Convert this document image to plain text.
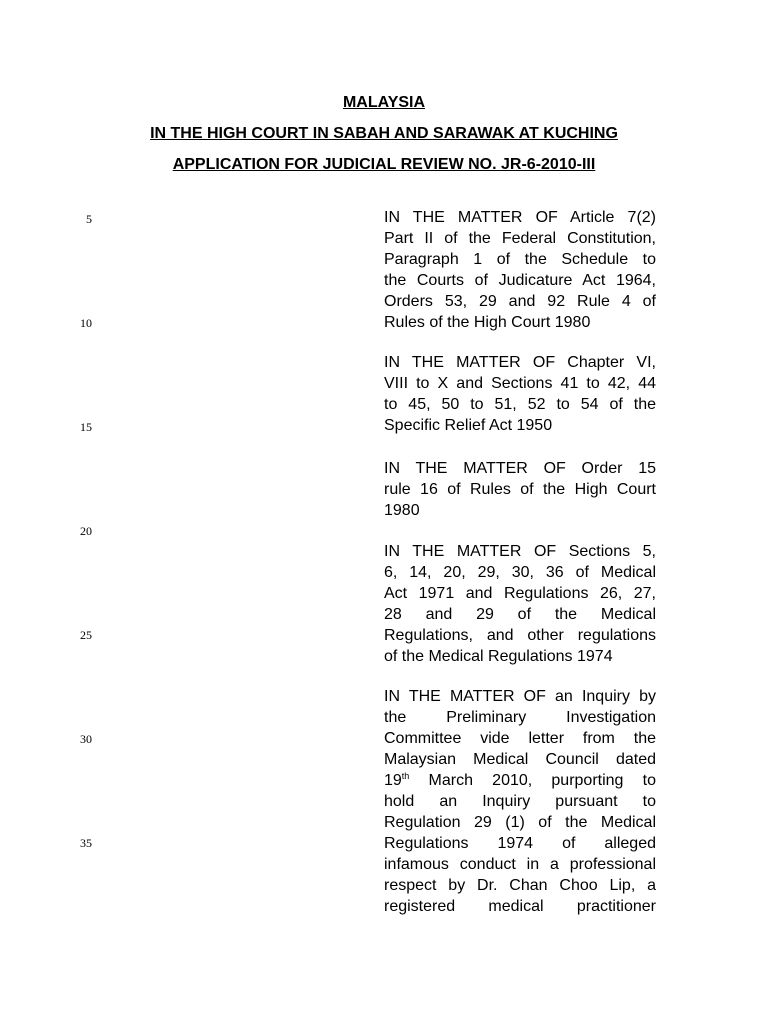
MALAYSIA
IN THE HIGH COURT IN SABAH AND SARAWAK AT KUCHING
APPLICATION FOR JUDICIAL REVIEW NO. JR-6-2010-III
5
10
15
20
25
30
35
IN THE MATTER OF Article 7(2)
Part II of the Federal Constitution,
Paragraph 1 of the Schedule to
the Courts of Judicature Act 1964,
Orders 53, 29 and 92 Rule 4 of
Rules of the High Court 1980
IN THE MATTER OF Chapter VI,
VIII to X and Sections 41 to 42, 44
to 45, 50 to 51, 52 to 54 of the
Specific Relief Act 1950
IN THE MATTER OF Order 15
rule 16 of Rules of the High Court
1980
IN THE MATTER OF Sections 5,
6, 14, 20, 29, 30, 36 of Medical
Act 1971 and Regulations 26, 27,
28 and 29 of the Medical
Regulations, and other regulations
of the Medical Regulations 1974
IN THE MATTER OF an Inquiry by
the Preliminary Investigation
Committee vide letter from the
Malaysian Medical Council dated
19th March 2010, purporting to
hold an Inquiry pursuant to
Regulation 29 (1) of the Medical
Regulations 1974 of alleged
infamous conduct in a professional
respect by Dr. Chan Choo Lip, a
registered medical practitioner
